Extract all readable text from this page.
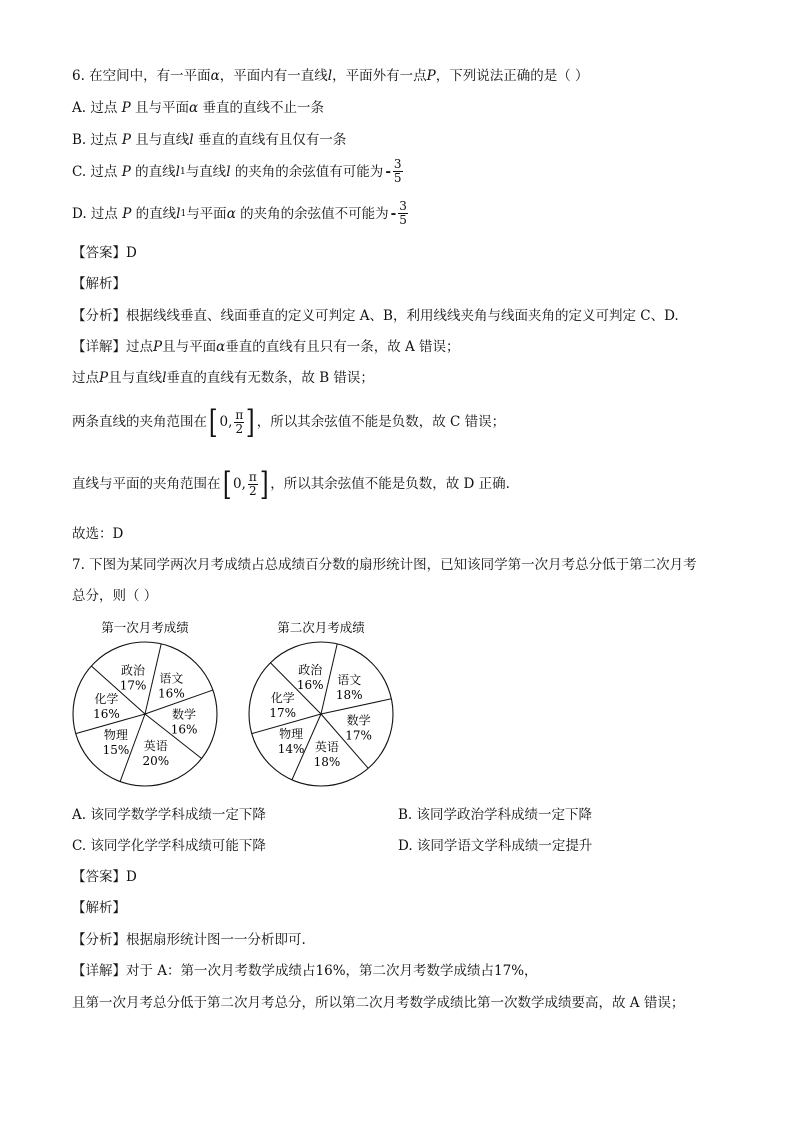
6. 在空间中，有一平面α，平面内有一直线l，平面外有一点P，下列说法正确的是（ ）
A. 过点 P 且与平面α 垂直的直线不止一条
B. 过点 P 且与直线l 垂直的直线有且仅有一条
C. 过点
P
的直线 l 1 与直线 l
的夹角的余弦值有可能为 - $\frac{3}{5}$
D. 过点
P
的直线 l 1 与平面 α
的夹角的余弦值不可能为 - $\frac{3}{5}$
【答案】D
【解析】
【分析】根据线线垂直、线面垂直的定义可判定 A、B，利用线线夹角与线面夹角的定义可判定 C、D.
【详解】过点P且与平面α垂直的直线有且只有一条，故 A 错误；
过点P且与直线l垂直的直线有无数条，故 B 错误；
两条直线的夹角范围在 [ 0, $\frac{\pi}{2}$ ] ，所以其余弦值不能是负数，故 C 错误；
直线与平面的夹角范围在 [ 0, $\frac{\pi}{2}$ ] ，所以其余弦值不能是负数，故 D 正确.
故选：D
7. 下图为某同学两次月考成绩占总成绩百分数的扇形统计图，已知该同学第一次月考总分低于第二次月考
总分，则（ ）
第一次月考成绩
语文
16%
数学
16%
英语
20%
物理
15%
化学
16%
政治
17%
第二次月考成绩
语文
18%
数学
17%
英语
18%
物理
14%
化学
17%
政治
16%
A. 该同学数学学科成绩一定下降	B. 该同学政治学科成绩一定下降
C. 该同学化学学科成绩可能下降	D. 该同学语文学科成绩一定提升
【答案】D
【解析】
【分析】根据扇形统计图一一分析即可.
【详解】对于 A：第一次月考数学成绩占16%，第二次月考数学成绩占17%，
且第一次月考总分低于第二次月考总分，所以第二次月考数学成绩比第一次数学成绩要高，故 A 错误；
